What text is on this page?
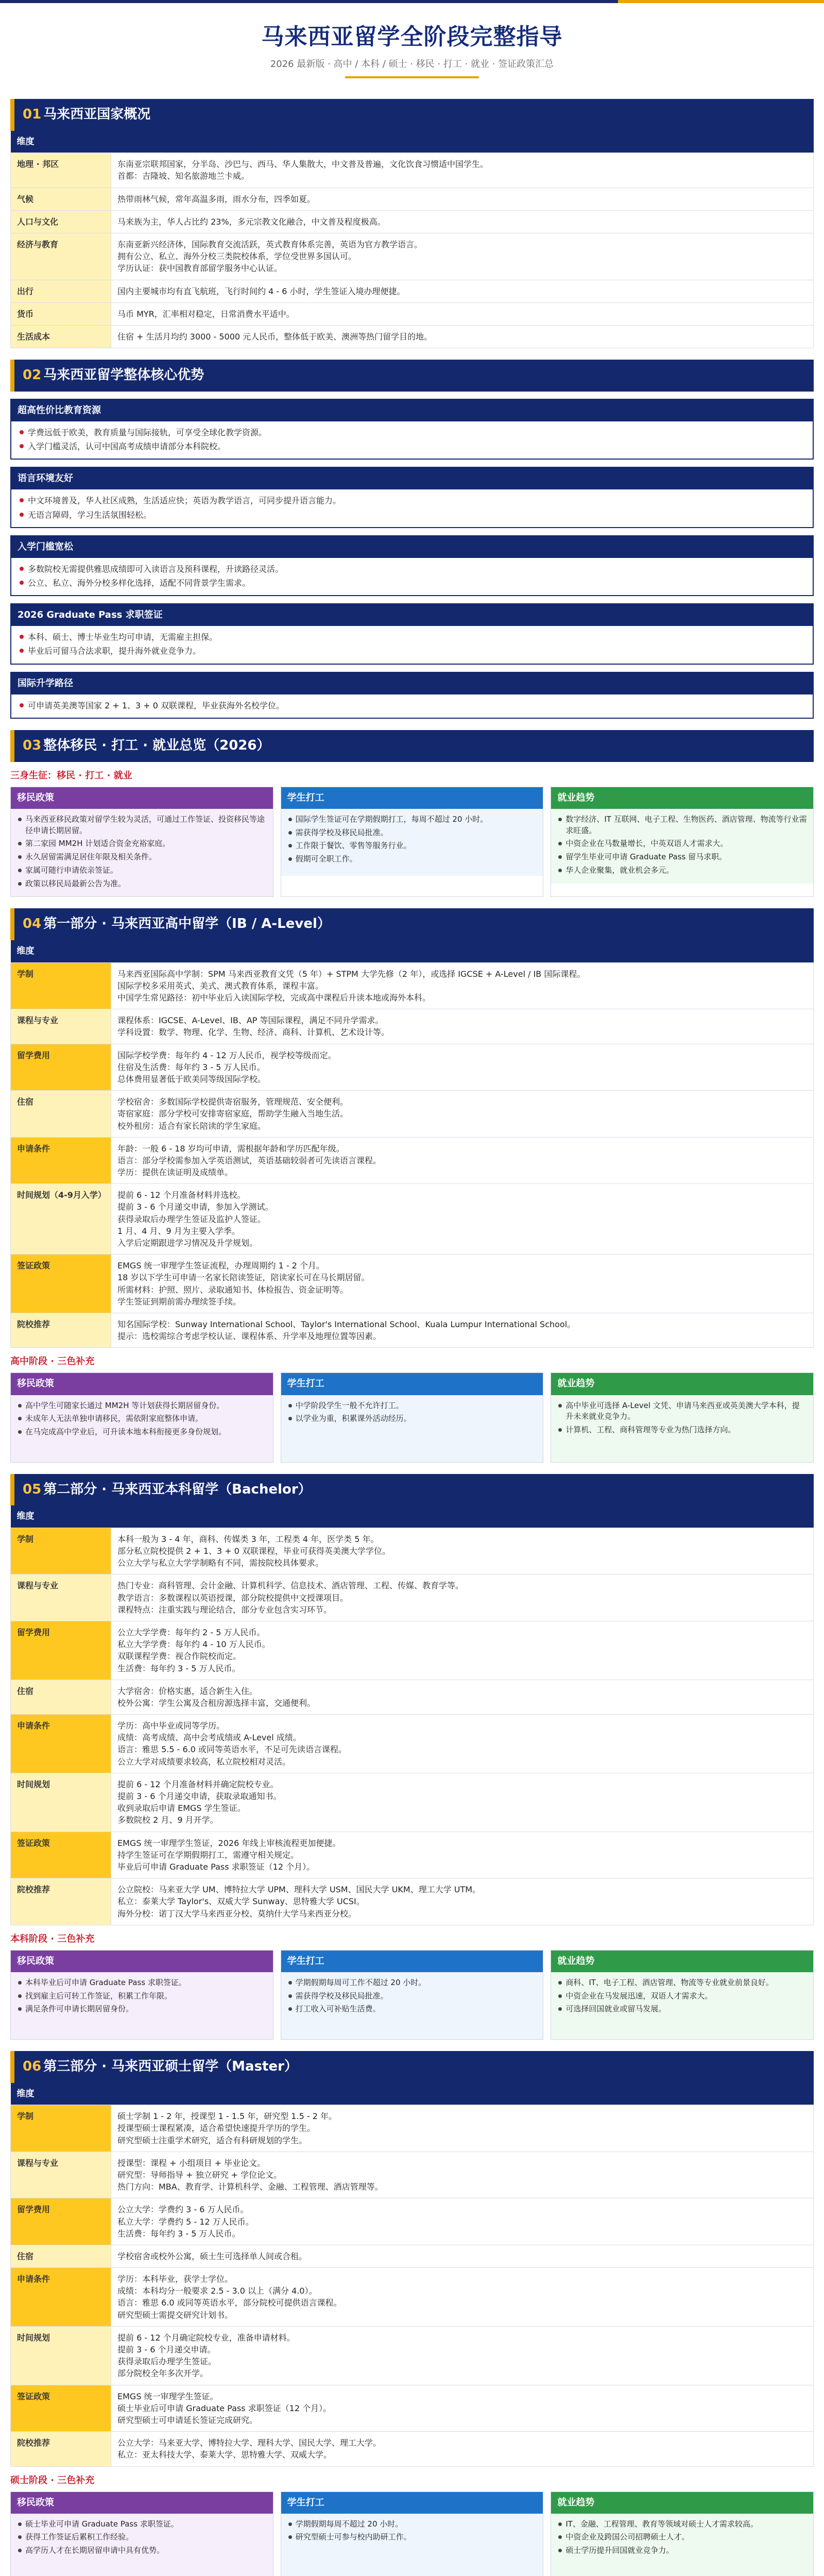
马来西亚留学全阶段完整指导
2026 最新版 · 高中 / 本科 / 硕士 · 移民 · 打工 · 就业 · 签证政策汇总
01 马来西亚国家概况
维度	
地理 · 邦区	东南亚宗联邦国家，分半岛、沙巴与、西马、华人集散大，中文普及普遍，文化饮食习惯适中国学生。
首都：吉隆坡、知名旅游地兰卡威。

气候	热带雨林气候，常年高温多雨，雨水分布，四季如夏。

人口与文化	马来族为主，华人占比约 23%，多元宗教文化融合，中文普及程度极高。

经济与教育	东南亚新兴经济体，国际教育交流活跃，英式教育体系完善，英语为官方教学语言。
拥有公立、私立、海外分校三类院校体系，学位受世界多国认可。
学历认证：获中国教育部留学服务中心认证。

出行	国内主要城市均有直飞航班，飞行时间约 4 - 6 小时，学生签证入境办理便捷。

货币	马币 MYR，汇率相对稳定，日常消费水平适中。

生活成本	住宿 + 生活月均约 3000 - 5000 元人民币，整体低于欧美、澳洲等热门留学目的地。
02 马来西亚留学整体核心优势
超高性价比教育资源
学费远低于欧美，教育质量与国际接轨，可享受全球化教学资源。
入学门槛灵活，认可中国高考成绩申请部分本科院校。
语言环境友好
中文环境普及，华人社区成熟，生活适应快；英语为教学语言，可同步提升语言能力。
无语言障碍，学习生活氛围轻松。
入学门槛宽松
多数院校无需提供雅思成绩即可入读语言及预科课程，升读路径灵活。
公立、私立、海外分校多样化选择，适配不同背景学生需求。
2026 Graduate Pass 求职签证
本科、硕士、博士毕业生均可申请，无需雇主担保。
毕业后可留马合法求职，提升海外就业竞争力。
国际升学路径
可申请英美澳等国家 2 + 1、3 + 0 双联课程，毕业获海外名校学位。
03 整体移民 · 打工 · 就业总览（2026）
三身生征：移民 · 打工 · 就业
移民政策
马来西亚移民政策对留学生较为灵活，可通过工作签证、投资移民等途径申请长期居留。
第二家园 MM2H 计划适合资金充裕家庭。
永久居留需满足居住年限及相关条件。
家属可随行申请依亲签证。
政策以移民局最新公告为准。
学生打工
国际学生签证可在学期假期打工，每周不超过 20 小时。
需获得学校及移民局批准。
工作限于餐饮、零售等服务行业。
假期可全职工作。
就业趋势
数字经济、IT 互联网、电子工程、生物医药、酒店管理、物流等行业需求旺盛。
中资企业在马数量增长，中英双语人才需求大。
留学生毕业可申请 Graduate Pass 留马求职。
华人企业聚集，就业机会多元。
04 第一部分 · 马来西亚高中留学（IB / A-Level）
维度	
学制	马来西亚国际高中学制：SPM 马来西亚教育文凭（5 年）+ STPM 大学先修（2 年），或选择 IGCSE + A-Level / IB 国际课程。
国际学校多采用英式、美式、澳式教育体系，课程丰富。
中国学生常见路径：初中毕业后入读国际学校，完成高中课程后升读本地或海外本科。

课程与专业	课程体系：IGCSE、A-Level、IB、AP 等国际课程，满足不同升学需求。
学科设置：数学、物理、化学、生物、经济、商科、计算机、艺术设计等。

留学费用	国际学校学费：每年约 4 - 12 万人民币，视学校等级而定。
住宿及生活费：每年约 3 - 5 万人民币。
总体费用显著低于欧美同等级国际学校。

住宿	学校宿舍：多数国际学校提供寄宿服务，管理规范、安全便利。
寄宿家庭：部分学校可安排寄宿家庭，帮助学生融入当地生活。
校外租房：适合有家长陪读的学生家庭。

申请条件	年龄：一般 6 - 18 岁均可申请，需根据年龄和学历匹配年级。
语言：部分学校需参加入学英语测试，英语基础较弱者可先读语言课程。
学历：提供在读证明及成绩单。

时间规划（4-9月入学）	提前 6 - 12 个月准备材料并选校。
提前 3 - 6 个月递交申请，参加入学测试。
获得录取后办理学生签证及监护人签证。
1 月、4 月、9 月为主要入学季。
入学后定期跟进学习情况及升学规划。

签证政策	EMGS 统一审理学生签证流程，办理周期约 1 - 2 个月。
18 岁以下学生可申请一名家长陪读签证，陪读家长可在马长期居留。
所需材料：护照、照片、录取通知书、体检报告、资金证明等。
学生签证到期前需办理续签手续。

院校推荐	知名国际学校：Sunway International School、Taylor's International School、Kuala Lumpur International School。
提示：选校需综合考虑学校认证、课程体系、升学率及地理位置等因素。
高中阶段 · 三色补充
移民政策
高中学生可随家长通过 MM2H 等计划获得长期居留身份。
未成年人无法单独申请移民，需依附家庭整体申请。
在马完成高中学业后，可升读本地本科衔接更多身份规划。
学生打工
中学阶段学生一般不允许打工。
以学业为重，积累课外活动经历。
就业趋势
高中毕业可选择 A-Level 文凭、申请马来西亚或英美澳大学本科，提升未来就业竞争力。
计算机、工程、商科管理等专业为热门选择方向。
05 第二部分 · 马来西亚本科留学（Bachelor）
维度	
学制	本科一般为 3 - 4 年，商科、传媒类 3 年，工程类 4 年，医学类 5 年。
部分私立院校提供 2 + 1、3 + 0 双联课程，毕业可获得英美澳大学学位。
公立大学与私立大学学制略有不同，需按院校具体要求。

课程与专业	热门专业：商科管理、会计金融、计算机科学、信息技术、酒店管理、工程、传媒、教育学等。
教学语言：多数课程以英语授课，部分院校提供中文授课项目。
课程特点：注重实践与理论结合，部分专业包含实习环节。

留学费用	公立大学学费：每年约 2 - 5 万人民币。
私立大学学费：每年约 4 - 10 万人民币。
双联课程学费：视合作院校而定。
生活费：每年约 3 - 5 万人民币。

住宿	大学宿舍：价格实惠，适合新生入住。
校外公寓：学生公寓及合租房源选择丰富，交通便利。

申请条件	学历：高中毕业或同等学历。
成绩：高考成绩、高中会考成绩或 A-Level 成绩。
语言：雅思 5.5 - 6.0 或同等英语水平，不足可先读语言课程。
公立大学对成绩要求较高，私立院校相对灵活。

时间规划	提前 6 - 12 个月准备材料并确定院校专业。
提前 3 - 6 个月递交申请，获取录取通知书。
收到录取后申请 EMGS 学生签证。
多数院校 2 月、9 月开学。

签证政策	EMGS 统一审理学生签证，2026 年线上审核流程更加便捷。
持学生签证可在学期假期打工，需遵守相关规定。
毕业后可申请 Graduate Pass 求职签证（12 个月）。

院校推荐	公立院校：马来亚大学 UM、博特拉大学 UPM、理科大学 USM、国民大学 UKM、理工大学 UTM。
私立：泰莱大学 Taylor's、双威大学 Sunway、思特雅大学 UCSI。
海外分校：诺丁汉大学马来西亚分校、莫纳什大学马来西亚分校。
本科阶段 · 三色补充
移民政策
本科毕业后可申请 Graduate Pass 求职签证。
找到雇主后可转工作签证，积累工作年限。
满足条件可申请长期居留身份。
学生打工
学期假期每周可工作不超过 20 小时。
需获得学校及移民局批准。
打工收入可补贴生活费。
就业趋势
商科、IT、电子工程、酒店管理、物流等专业就业前景良好。
中资企业在马发展迅速，双语人才需求大。
可选择回国就业或留马发展。
06 第三部分 · 马来西亚硕士留学（Master）
维度	
学制	硕士学制 1 - 2 年，授课型 1 - 1.5 年，研究型 1.5 - 2 年。
授课型硕士课程紧凑，适合希望快速提升学历的学生。
研究型硕士注重学术研究，适合有科研规划的学生。

课程与专业	授课型：课程 + 小组项目 + 毕业论文。
研究型：导师指导 + 独立研究 + 学位论文。
热门方向：MBA、教育学、计算机科学、金融、工程管理、酒店管理等。

留学费用	公立大学：学费约 3 - 6 万人民币。
私立大学：学费约 5 - 12 万人民币。
生活费：每年约 3 - 5 万人民币。

住宿	学校宿舍或校外公寓，硕士生可选择单人间或合租。

申请条件	学历：本科毕业，获学士学位。
成绩：本科均分一般要求 2.5 - 3.0 以上（满分 4.0）。
语言：雅思 6.0 或同等英语水平，部分院校可提供语言课程。
研究型硕士需提交研究计划书。

时间规划	提前 6 - 12 个月确定院校专业，准备申请材料。
提前 3 - 6 个月递交申请。
获得录取后办理学生签证。
部分院校全年多次开学。

签证政策	EMGS 统一审理学生签证。
硕士毕业后可申请 Graduate Pass 求职签证（12 个月）。
研究型硕士可申请延长签证完成研究。

院校推荐	公立大学：马来亚大学、博特拉大学、理科大学、国民大学、理工大学。
私立：亚太科技大学、泰莱大学、思特雅大学、双威大学。
硕士阶段 · 三色补充
移民政策
硕士毕业可申请 Graduate Pass 求职签证。
获得工作签证后累积工作经验。
高学历人才在长期居留申请中具有优势。
学生打工
学期假期每周不超过 20 小时。
研究型硕士可参与校内助研工作。
就业趋势
IT、金融、工程管理、教育等领域对硕士人才需求较高。
中资企业及跨国公司招聘硕士人才。
硕士学历提升回国就业竞争力。
